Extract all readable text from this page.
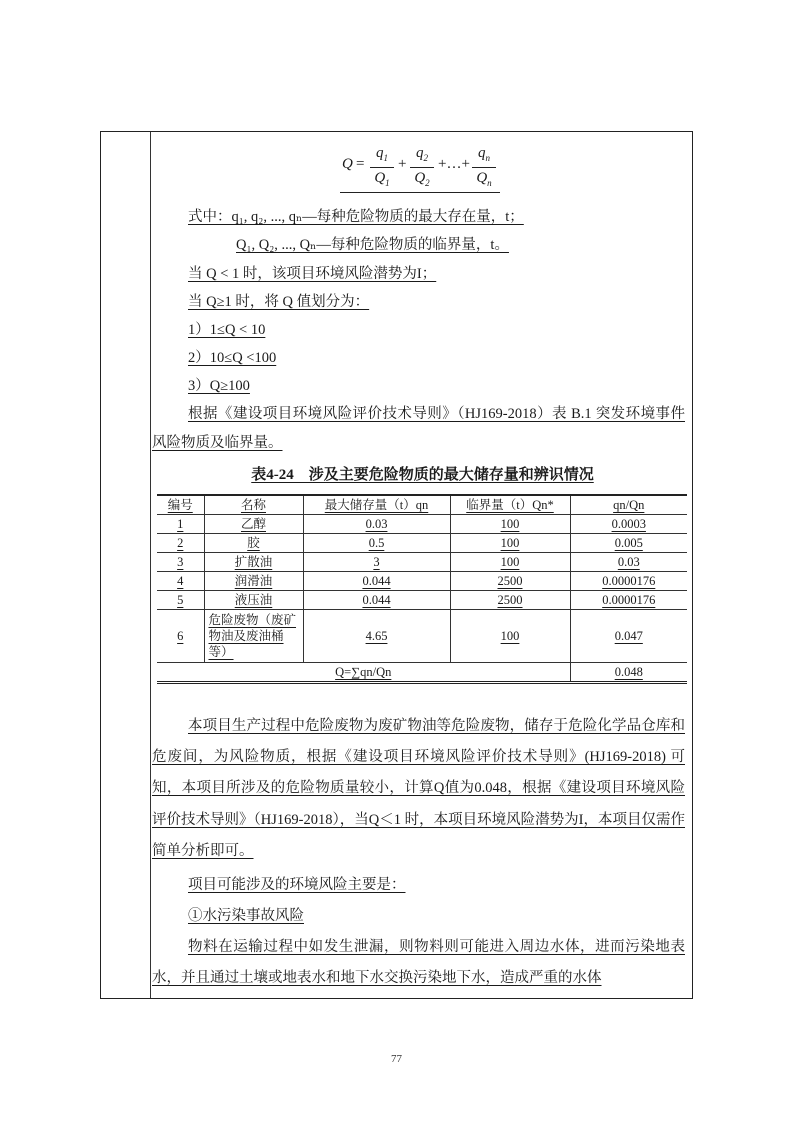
$Q = \frac{q_1}{Q_1} + \frac{q_2}{Q_2}$ +…+ $\frac{q_n}{Q_n}$
式中：q₁, q₂, ..., qₙ—每种危险物质的最大存在量，t；
Q₁, Q₂, ..., Qₙ—每种危险物质的临界量，t。
当 Q < 1 时，该项目环境风险潜势为I；
当 Q≥1 时，将 Q 值划分为：
1）1≤Q < 10
2）10≤Q <100
3）Q≥100
根据《建设项目环境风险评价技术导则》（HJ169-2018）表 B.1 突发环境事件风险物质及临界量。
表4-24　涉及主要危险物质的最大储存量和辨识情况
编号	名称	最大储存量（t）qn	临界量（t）Qn*	qn/Qn
1	乙醇	0.03	100	0.0003
2	胶	0.5	100	0.005
3	扩散油	3	100	0.03
4	润滑油	0.044	2500	0.0000176
5	液压油	0.044	2500	0.0000176
6	危险废物（废矿物油及废油桶等）	4.65	100	0.047
Q=∑qn/Qn				0.048
本项目生产过程中危险废物为废矿物油等危险废物，储存于危险化学品仓库和危废间，为风险物质，根据《建设项目环境风险评价技术导则》(HJ169-2018) 可知，本项目所涉及的危险物质量较小，计算Q值为0.048，根据《建设项目环境风险评价技术导则》（HJ169-2018），当Q＜1 时，本项目环境风险潜势为I，本项目仅需作简单分析即可。
项目可能涉及的环境风险主要是：
①水污染事故风险
物料在运输过程中如发生泄漏，则物料则可能进入周边水体，进而污染地表水，并且通过土壤或地表水和地下水交换污染地下水，造成严重的水体
77
